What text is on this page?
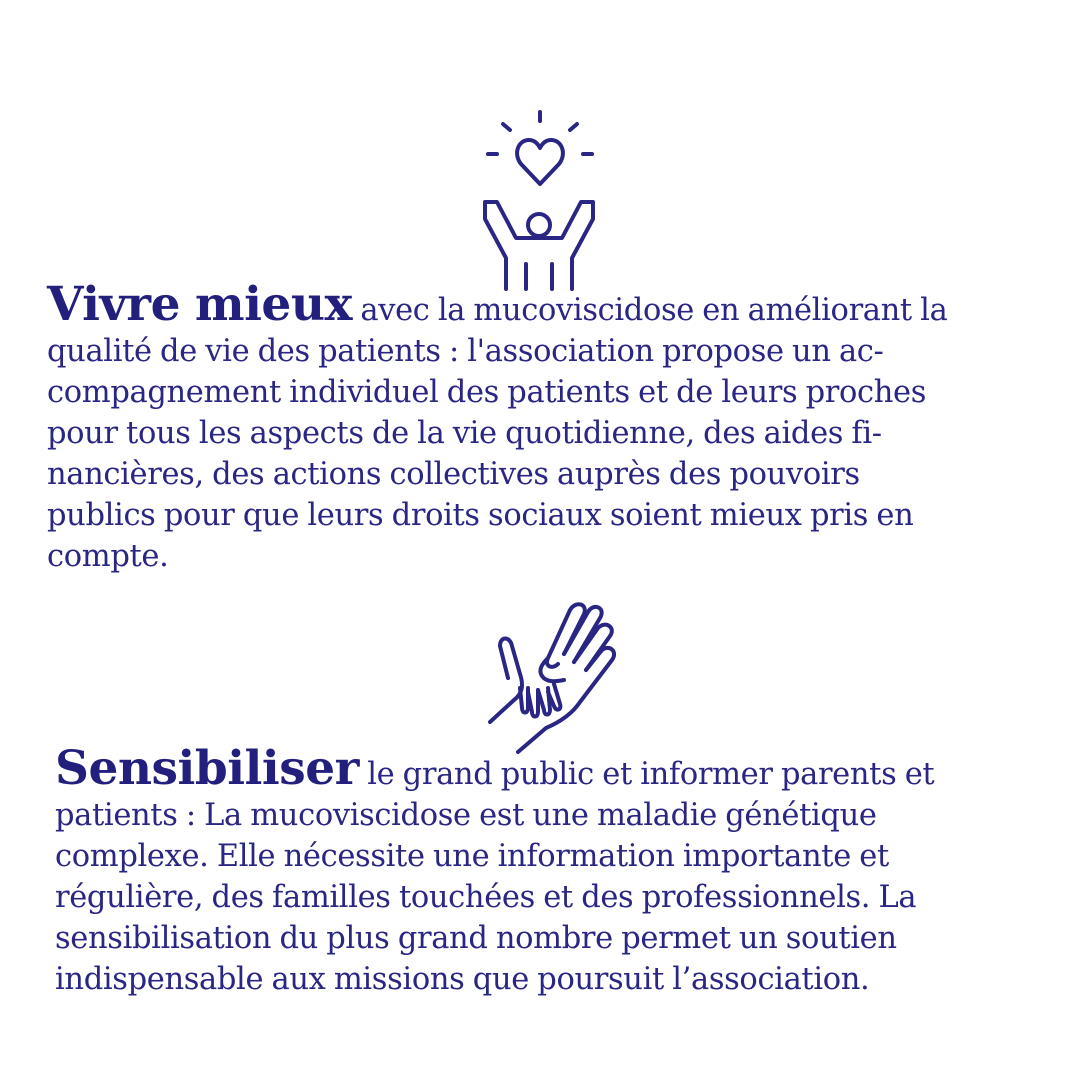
Vivre mieux avec la mucoviscidose en améliorant la
qualité de vie des patients : l'association propose un ac-
compagnement individuel des patients et de leurs proches
pour tous les aspects de la vie quotidienne, des aides fi-
nancières, des actions collectives auprès des pouvoirs
publics pour que leurs droits sociaux soient mieux pris en
compte.

Sensibiliser le grand public et informer parents et
patients : La mucoviscidose est une maladie génétique
complexe. Elle nécessite une information importante et
régulière, des familles touchées et des professionnels. La
sensibilisation du plus grand nombre permet un soutien
indispensable aux missions que poursuit l’association.
